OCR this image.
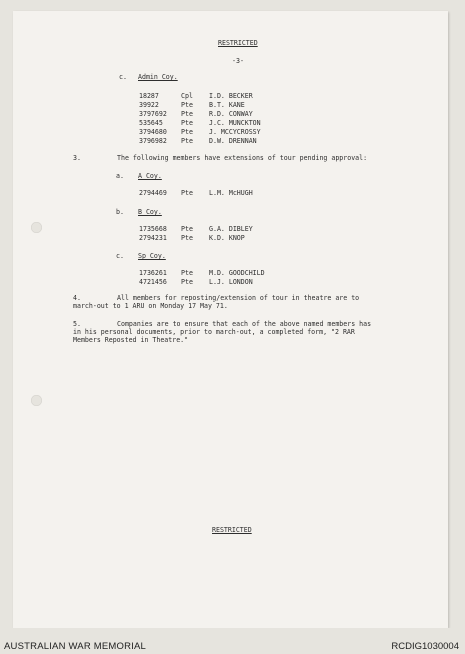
RESTRICTED
-3-
c. Admin Coy.
18287	Cpl I.D. BECKER
39922	Pte B.T. KANE
3797692 Pte R.D. CONWAY
535645	Pte J.C. MUNCKTON
3794680 Pte J. MCCYCROSSY
3796982 Pte D.W. DRENNAN
3.	The following members have extensions of tour pending approval:
a. A Coy.
b. B Coy.
c. Sp Coy.
2794469 Pte L.M. McHUGH
1735668 Pte G.A. DIBLEY
2794231 Pte K.D. KNOP
1736261 Pte M.D. GOODCHILD
4721456 Pte L.J. LONDON
4.	All members for reposting/extension of tour in theatre are to
march-out to 1 ARU on Monday 17 May 71.
5.	Companies are to ensure that each of the above named members has
in his personal documents, prior to march-out, a completed form, "2 RAR
Members Reposted in Theatre."
RESTRICTED
AUSTRALIAN WAR MEMORIAL	RCDIG1030004
